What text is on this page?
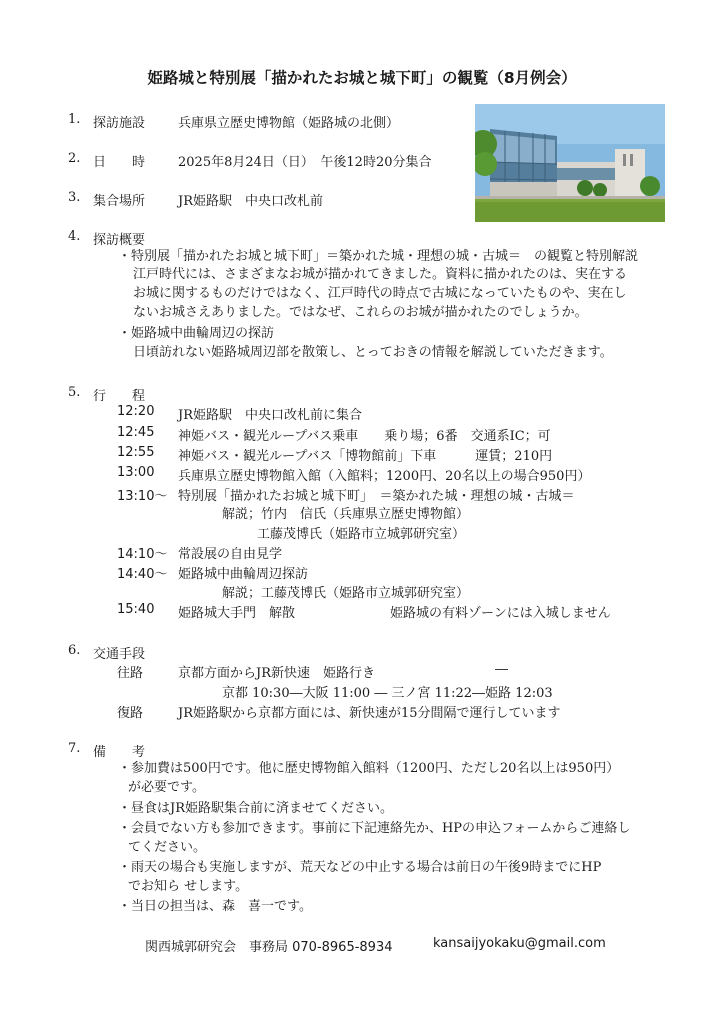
姫路城と特別展「描かれたお城と城下町」の観覧（8月例会）
1. 探訪施設	兵庫県立歴史博物館（姫路城の北側）
2. 日　　時	2025年8月24日（日）　午後12時20分集合
3. 集合場所	JR姫路駅　中央口改札前
4. 探訪概要
・特別展「描かれたお城と城下町」＝築かれた城・理想の城・古城＝　の観覧と特別解説
江戸時代には、さまざまなお城が描かれてきました。資料に描かれたのは、実在する
お城に関するものだけではなく、江戸時代の時点で古城になっていたものや、実在し
ないお城さえありました。ではなぜ、これらのお城が描かれたのでしょうか。
・姫路城中曲輪周辺の探訪
日頃訪れない姫路城周辺部を散策し、とっておきの情報を解説していただきます。
5. 行　　程
12:20 JR姫路駅　中央口改札前に集合
12:45 神姫バス・観光ループバス乗車　　乗り場；6番　交通系IC；可
12:55 神姫バス・観光ループバス「博物館前」下車　　　運賃；210円
13:00 兵庫県立歴史博物館入館（入館料；1200円、20名以上の場合950円）
13:10～ 特別展「描かれたお城と城下町」　＝築かれた城・理想の城・古城＝
解説；竹内　信氏（兵庫県立歴史博物館）
工藤茂博氏（姫路市立城郭研究室）
14:10～ 常設展の自由見学
14:40～ 姫路城中曲輪周辺探訪
解説；工藤茂博氏（姫路市立城郭研究室）
15:40 姫路城大手門　解散	姫路城の有料ゾーンには入城しません
6. 交通手段
往路	京都方面からJR新快速　姫路行き	―
京都 10:30―大阪 11:00 ― 三ノ宮 11:22―姫路 12:03
復路	JR姫路駅から京都方面には、新快速が15分間隔で運行しています
7. 備　　考
・参加費は500円です。他に歴史博物館入館料（1200円、ただし20名以上は950円）
が必要です。
・昼食はJR姫路駅集合前に済ませてください。
・会員でない方も参加できます。事前に下記連絡先か、HPの申込フォームからご連絡し
てください。
・雨天の場合も実施しますが、荒天などの中止する場合は前日の午後9時までにHP
でお知ら せします。
・当日の担当は、森　喜一です。
関西城郭研究会　事務局 070-8965-8934	kansaijyokaku@gmail.com
